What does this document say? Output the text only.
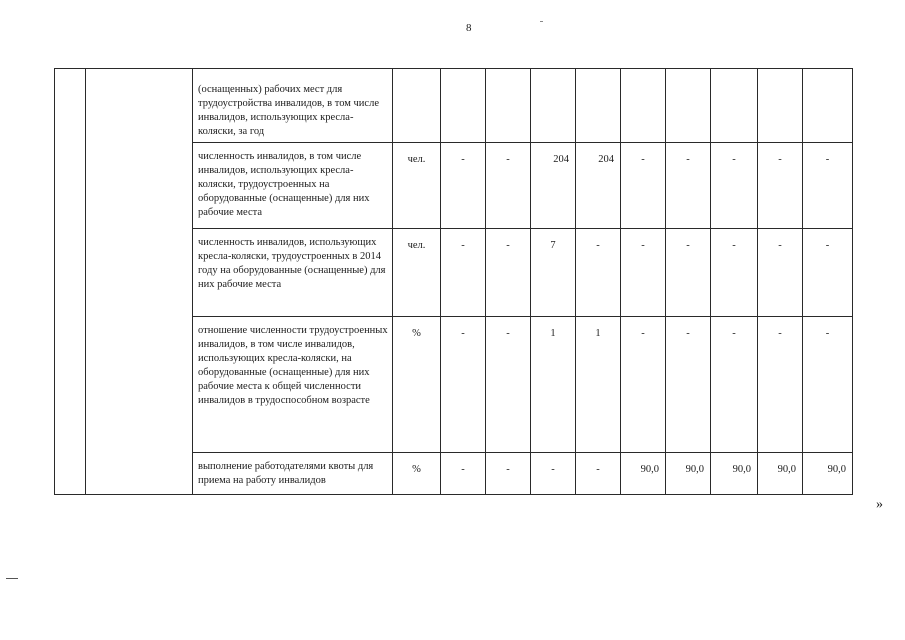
8
		(оснащенных) рабочих мест для трудоустройства инвалидов, в том числе инвалидов, использующих кресла-коляски, за год										
		численность инвалидов, в том числе инвалидов, использующих кресла-коляски, трудоустроенных на оборудованные (оснащенные) для них рабочие места	чел.	-	-	204	204	-	-	-	-	-
		численность инвалидов, использующих кресла-коляски, трудоустроенных в 2014 году на оборудованные (оснащенные) для них рабочие места	чел.	-	-	7	-	-	-	-	-	-
		отношение численности трудоустроенных инвалидов, в том числе инвалидов, использующих кресла-коляски, на оборудованные (оснащенные) для них рабочие места к общей численности инвалидов в трудоспособном возрасте	%	-	-	1	1	-	-	-	-	-
		выполнение работодателями квоты для приема на работу инвалидов	%	-	-	-	-	90,0	90,0	90,0	90,0	90,0
»
